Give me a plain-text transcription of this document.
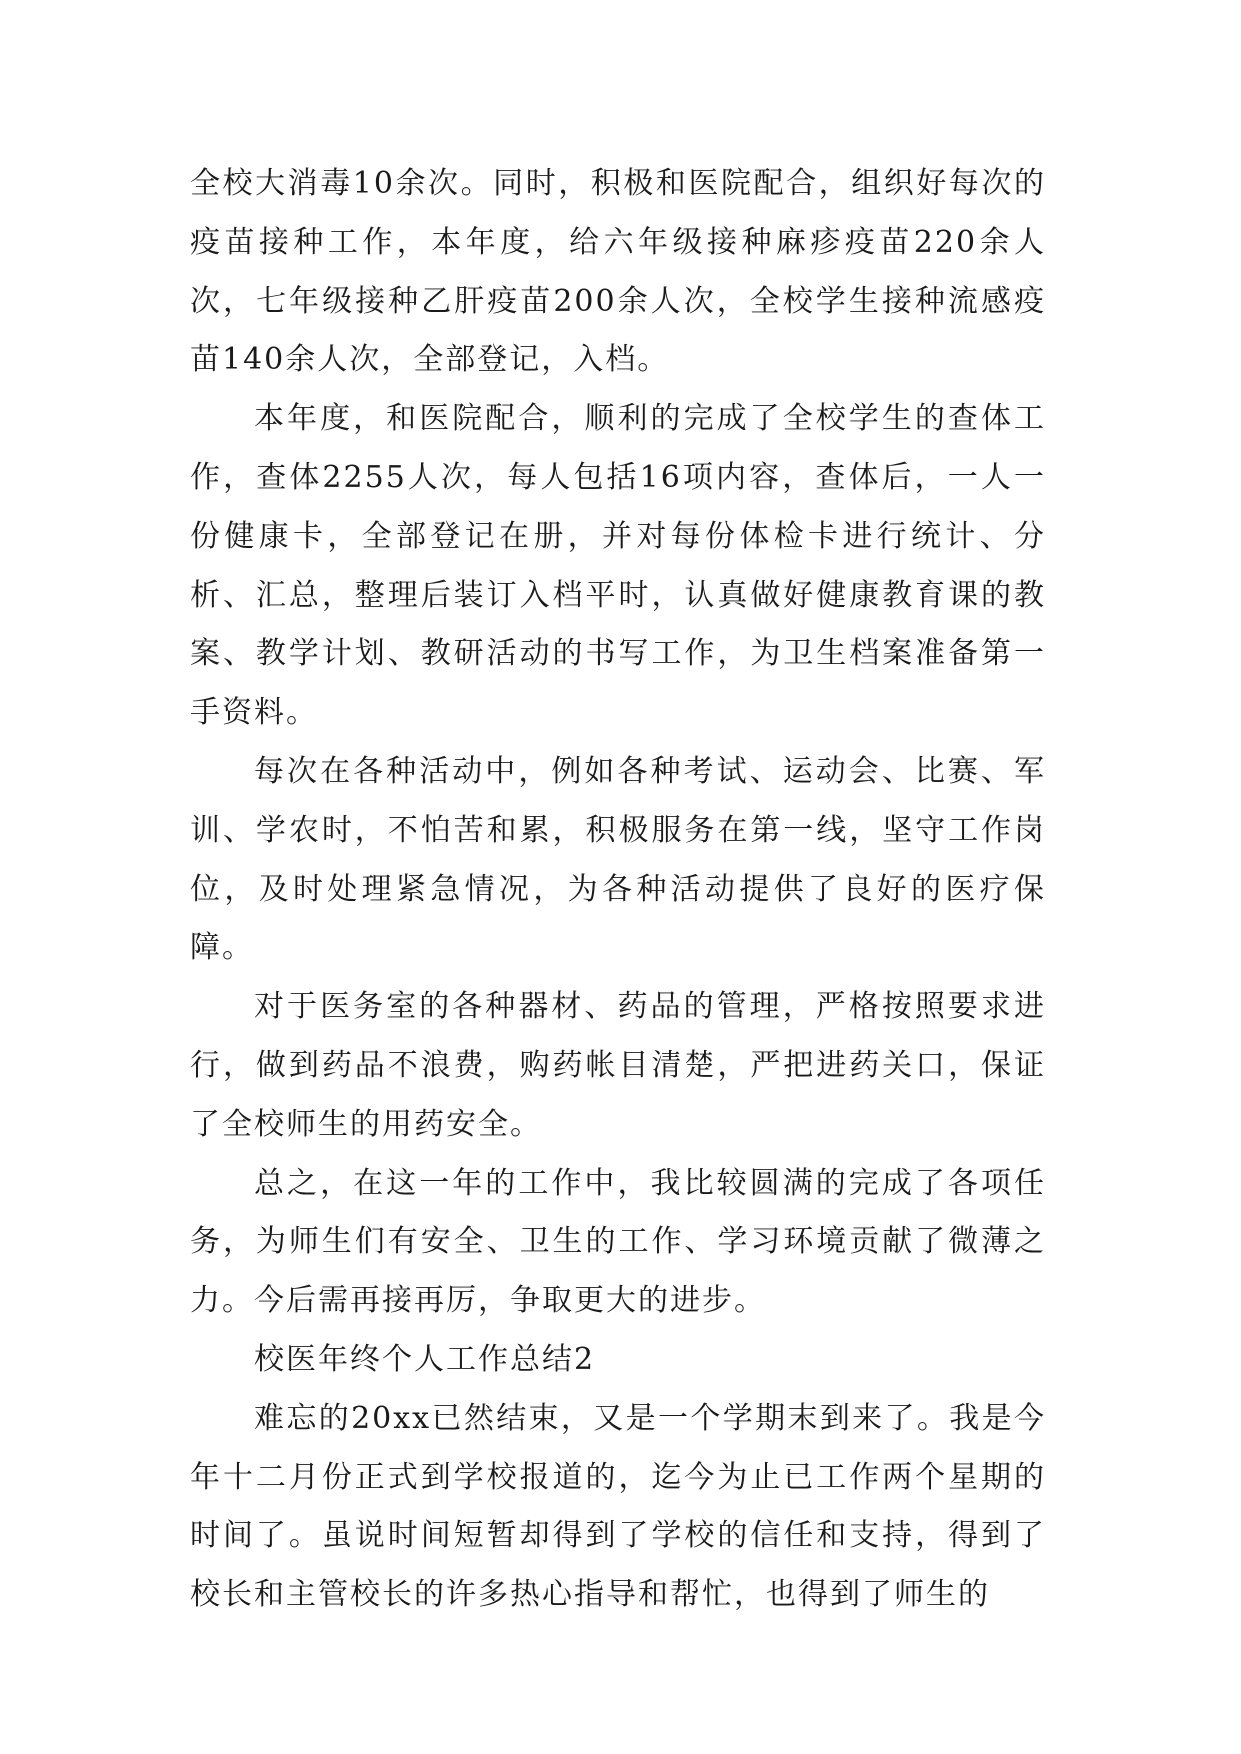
全校大消毒10余次。同时，积极和医院配合，组织好每次的疫苗接种工作，本年度，给六年级接种麻疹疫苗220余人次，七年级接种乙肝疫苗200余人次，全校学生接种流感疫苗140余人次，全部登记，入档。

本年度，和医院配合，顺利的完成了全校学生的查体工作，查体2255人次，每人包括16项内容，查体后，一人一份健康卡，全部登记在册，并对每份体检卡进行统计、分析、汇总，整理后装订入档平时，认真做好健康教育课的教案、教学计划、教研活动的书写工作，为卫生档案准备第一手资料。

每次在各种活动中，例如各种考试、运动会、比赛、军训、学农时，不怕苦和累，积极服务在第一线，坚守工作岗位，及时处理紧急情况，为各种活动提供了良好的医疗保障。

对于医务室的各种器材、药品的管理，严格按照要求进行，做到药品不浪费，购药帐目清楚，严把进药关口，保证了全校师生的用药安全。

总之，在这一年的工作中，我比较圆满的完成了各项任务，为师生们有安全、卫生的工作、学习环境贡献了微薄之力。今后需再接再厉，争取更大的进步。

校医年终个人工作总结2

难忘的20xx已然结束，又是一个学期末到来了。我是今年十二月份正式到学校报道的，迄今为止已工作两个星期的时间了。虽说时间短暂却得到了学校的信任和支持，得到了校长和主管校长的许多热心指导和帮忙，也得到了师生的
